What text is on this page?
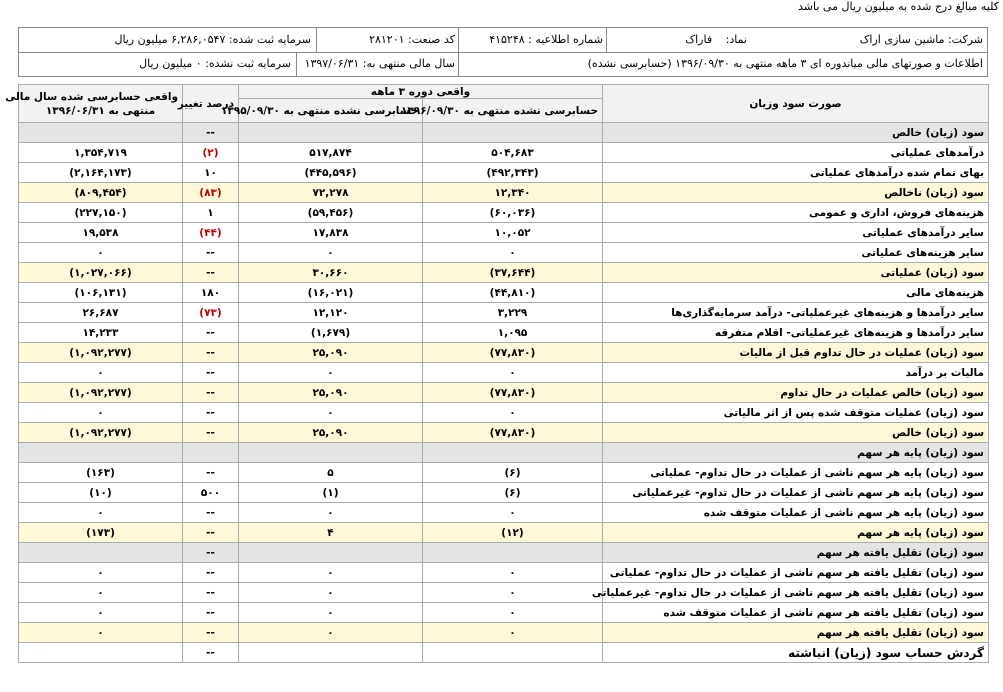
کلیه مبالغ درج شده به میلیون ریال می باشد
شرکت: ماشین سازی اراک
نماد: فاراک
شماره اطلاعیه : ۴۱۵۲۴۸
کد صنعت: ۲۸۱۲۰۱
سرمایه ثبت شده: ۶,۲۸۶,۰۵۴۷ میلیون ریال
اطلاعات و صورتهای مالی میاندوره ای ۳ ماهه منتهی به ۱۳۹۶/۰۹/۳۰ (حسابرسی نشده)
سال مالی منتهی به: ۱۳۹۷/۰۶/۳۱
سرمایه ثبت نشده: ۰ میلیون ریال
صورت سود وزیان	واقعی دوره ۳ ماهه		درصد تغییر	واقعی حسابرسی شده سال مالی
منتهی به ۱۳۹۶/۰۶/۳۱

	حسابرسی نشده منتهی به ۱۳۹۶/۰۹/۳۰	حسابرسی نشده منتهی به ۱۳۹۵/۰۹/۳۰		
سود (زیان) خالص			--	
درآمدهای عملیاتی	۵۰۴,۶۸۳	۵۱۷,۸۷۴	(۲)	۱,۳۵۴,۷۱۹
بهای تمام شده درآمدهای عملیاتی	(۴۹۲,۳۴۳)	(۴۴۵,۵۹۶)	۱۰	(۲,۱۶۴,۱۷۳)
سود (زیان) ناخالص	۱۲,۳۴۰	۷۲,۲۷۸	(۸۳)	(۸۰۹,۴۵۴)
هزینه‌های فروش، اداری و عمومی	(۶۰,۰۳۶)	(۵۹,۴۵۶)	۱	(۲۲۷,۱۵۰)
سایر درآمدهای عملیاتی	۱۰,۰۵۲	۱۷,۸۳۸	(۴۴)	۱۹,۵۳۸
سایر هزینه‌های عملیاتی	۰	۰	--	۰
سود (زیان) عملیاتی	(۳۷,۶۴۴)	۳۰,۶۶۰	--	(۱,۰۲۷,۰۶۶)
هزینه‌های مالی	(۴۴,۸۱۰)	(۱۶,۰۲۱)	۱۸۰	(۱۰۶,۱۳۱)
سایر درآمدها و هزینه‌های غیرعملیاتی- درآمد سرمایه‌گذاری‌ها	۳,۲۲۹	۱۲,۱۲۰	(۷۳)	۲۶,۶۸۷
سایر درآمدها و هزینه‌های غیرعملیاتی- اقلام متفرقه	۱,۰۹۵	(۱,۶۷۹)	--	۱۴,۲۳۳
سود (زیان) عملیات در حال تداوم قبل از مالیات	(۷۷,۸۳۰)	۲۵,۰۹۰	--	(۱,۰۹۲,۲۷۷)
مالیات بر درآمد	۰	۰	--	۰
سود (زیان) خالص عملیات در حال تداوم	(۷۷,۸۳۰)	۲۵,۰۹۰	--	(۱,۰۹۲,۲۷۷)
سود (زیان) عملیات متوقف شده پس از اثر مالیاتی	۰	۰	--	۰
سود (زیان) خالص	(۷۷,۸۳۰)	۲۵,۰۹۰	--	(۱,۰۹۲,۲۷۷)
سود (زیان) پایه هر سهم				
سود (زیان) پایه هر سهم ناشی از عملیات در حال تداوم- عملیاتی	(۶)	۵	--	(۱۶۳)
سود (زیان) پایه هر سهم ناشی از عملیات در حال تداوم- غیرعملیاتی	(۶)	(۱)	۵۰۰	(۱۰)
سود (زیان) پایه هر سهم ناشی از عملیات متوقف شده	۰	۰	--	۰
سود (زیان) پایه هر سهم	(۱۲)	۴	--	(۱۷۳)
سود (زیان) تقلیل یافته هر سهم			--	
سود (زیان) تقلیل یافته هر سهم ناشی از عملیات در حال تداوم- عملیاتی	۰	۰	--	۰
سود (زیان) تقلیل یافته هر سهم ناشی از عملیات در حال تداوم- غیرعملیاتی	۰	۰	--	۰
سود (زیان) تقلیل یافته هر سهم ناشی از عملیات متوقف شده	۰	۰	--	۰
سود (زیان) تقلیل یافته هر سهم	۰	۰	--	۰
گردش حساب سود (زیان) انباشته			--	
